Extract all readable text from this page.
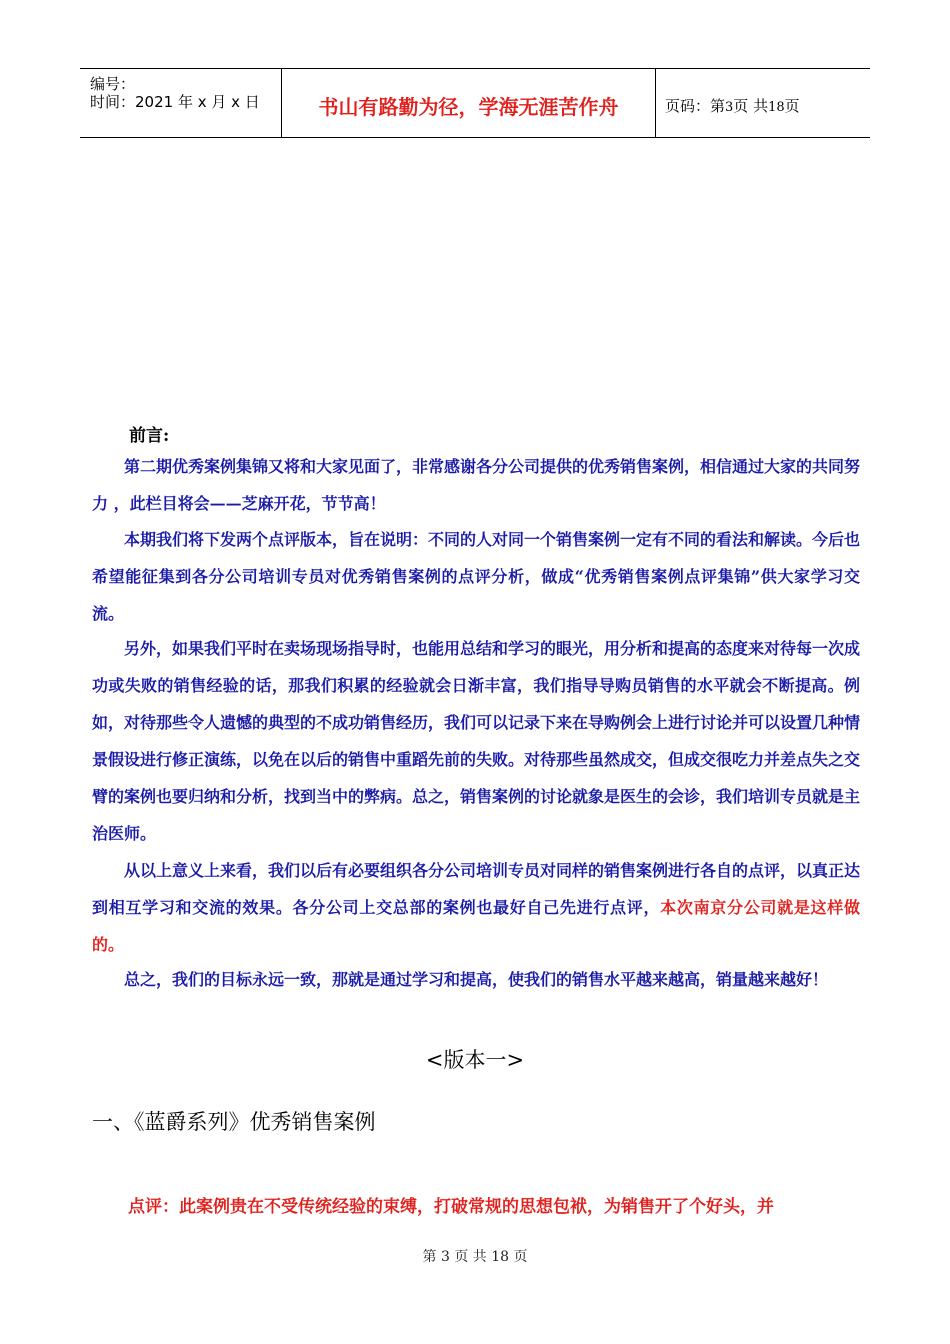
编号：
时间：2021 年 x 月 x 日	书山有路勤为径，学海无涯苦作舟	页码：第3页 共18页
前言:
第二期优秀案例集锦又将和大家见面了，非常感谢各分公司提供的优秀销售案例，相信通过大家的共同努力 ，此栏目将会——芝麻开花，节节高！
本期我们将下发两个点评版本，旨在说明：不同的人对同一个销售案例一定有不同的看法和解读。今后也希望能征集到各分公司培训专员对优秀销售案例的点评分析，做成“优秀销售案例点评集锦”供大家学习交流。
另外，如果我们平时在卖场现场指导时，也能用总结和学习的眼光，用分析和提高的态度来对待每一次成功或失败的销售经验的话，那我们积累的经验就会日渐丰富，我们指导导购员销售的水平就会不断提高。例如，对待那些令人遗憾的典型的不成功销售经历，我们可以记录下来在导购例会上进行讨论并可以设置几种情景假设进行修正演练，以免在以后的销售中重蹈先前的失败。对待那些虽然成交，但成交很吃力并差点失之交臂的案例也要归纳和分析，找到当中的弊病。总之，销售案例的讨论就象是医生的会诊，我们培训专员就是主治医师。
从以上意义上来看，我们以后有必要组织各分公司培训专员对同样的销售案例进行各自的点评，以真正达到相互学习和交流的效果。各分公司上交总部的案例也最好自己先进行点评，本次南京分公司就是这样做的。
总之，我们的目标永远一致，那就是通过学习和提高，使我们的销售水平越来越高，销量越来越好！
<版本一>
一、《蓝爵系列》优秀销售案例
点评：此案例贵在不受传统经验的束缚，打破常规的思想包袱，为销售开了个好头，并
第 3 页 共 18 页
